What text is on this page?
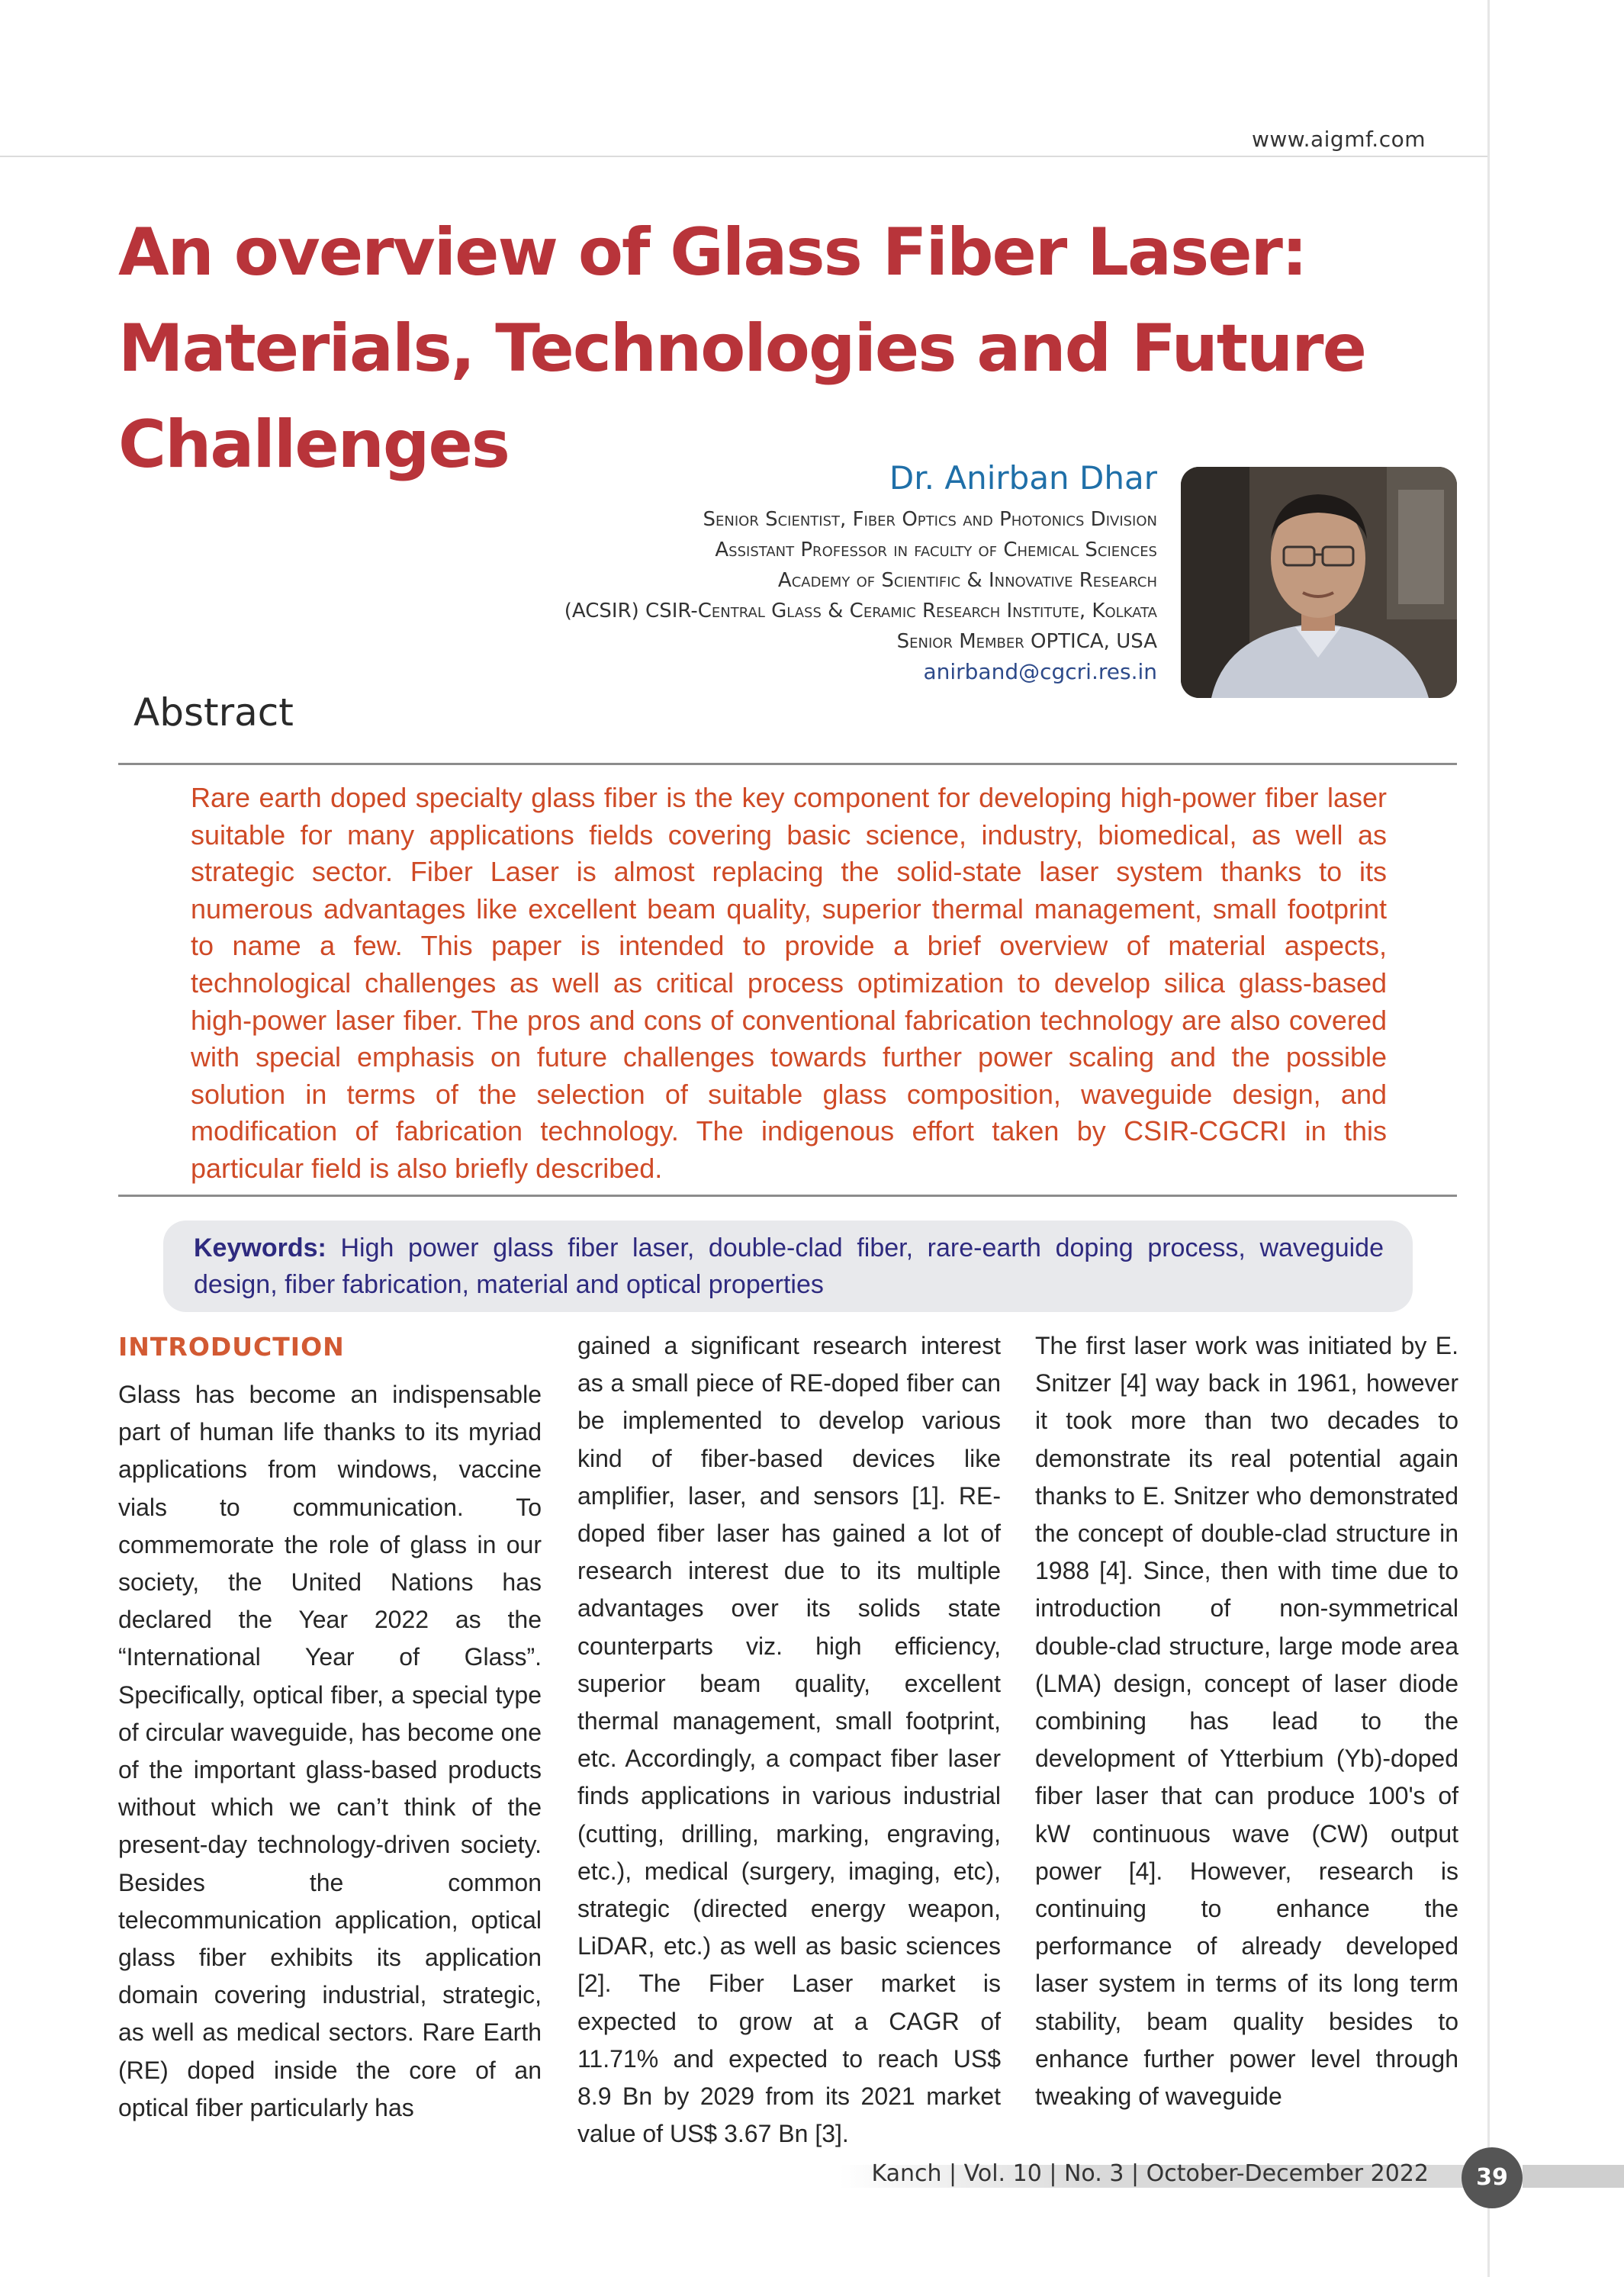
www.aigmf.com
An overview of Glass Fiber Laser:
Materials, Technologies and Future
Challenges	Dr. Anirban Dhar
Senior Scientist, Fiber Optics and Photonics Division
Assistant Professor in faculty of Chemical Sciences
Academy of Scientific & Innovative Research
(ACSIR) CSIR-Central Glass & Ceramic Research Institute, Kolkata
Senior Member OPTICA, USA
anirband@cgcri.res.in
Abstract
Rare earth doped specialty glass fiber is the key component for developing high-power fiber laser suitable for many applications fields covering basic science, industry, biomedical, as well as strategic sector. Fiber Laser is almost replacing the solid-state laser system thanks to its numerous advantages like excellent beam quality, superior thermal management, small footprint to name a few. This paper is intended to provide a brief overview of material aspects, technological challenges as well as critical process optimization to develop silica glass-based high-power laser fiber. The pros and cons of conventional fabrication technology are also covered with special emphasis on future challenges towards further power scaling and the possible solution in terms of the selection of suitable glass composition, waveguide design, and modification of fabrication technology. The indigenous effort taken by CSIR-CGCRI in this particular field is also briefly described.
Keywords: High power glass fiber laser, double-clad fiber, rare-earth doping process, waveguide design, fiber fabrication, material and optical properties
INTRODUCTION
Glass has become an indispensable part of human life thanks to its myriad applications from windows, vaccine vials to communication. To commemorate the role of glass in our society, the United Nations has declared the Year 2022 as the “International Year of Glass”. Specifically, optical fiber, a special type of circular waveguide, has become one of the important glass-based products without which we can’t think of the present-day technology-driven society. Besides the common telecommunication application, optical glass fiber exhibits its application domain covering industrial, strategic, as well as medical sectors. Rare Earth (RE) doped inside the core of an optical fiber particularly has
gained a significant research interest as a small piece of RE-doped fiber can be implemented to develop various kind of fiber-based devices like amplifier, laser, and sensors [1]. RE-doped fiber laser has gained a lot of research interest due to its multiple advantages over its solids state counterparts viz. high efficiency, superior beam quality, excellent thermal management, small footprint, etc. Accordingly, a compact fiber laser finds applications in various industrial (cutting, drilling, marking, engraving, etc.), medical (surgery, imaging, etc), strategic (directed energy weapon, LiDAR, etc.) as well as basic sciences [2]. The Fiber Laser market is expected to grow at a CAGR of 11.71% and expected to reach US$ 8.9 Bn by 2029 from its 2021 market value of US$ 3.67 Bn [3].
The first laser work was initiated by E. Snitzer [4] way back in 1961, however it took more than two decades to demonstrate its real potential again thanks to E. Snitzer who demonstrated the concept of double-clad structure in 1988 [4]. Since, then with time due to introduction of non-symmetrical double-clad structure, large mode area (LMA) design, concept of laser diode combining has lead to the development of Ytterbium (Yb)-doped fiber laser that can produce 100's of kW continuous wave (CW) output power [4]. However, research is continuing to enhance the performance of already developed laser system in terms of its long term stability, beam quality besides to enhance further power level through tweaking of waveguide
Kanch | Vol. 10 | No. 3 | October-December 2022	39
